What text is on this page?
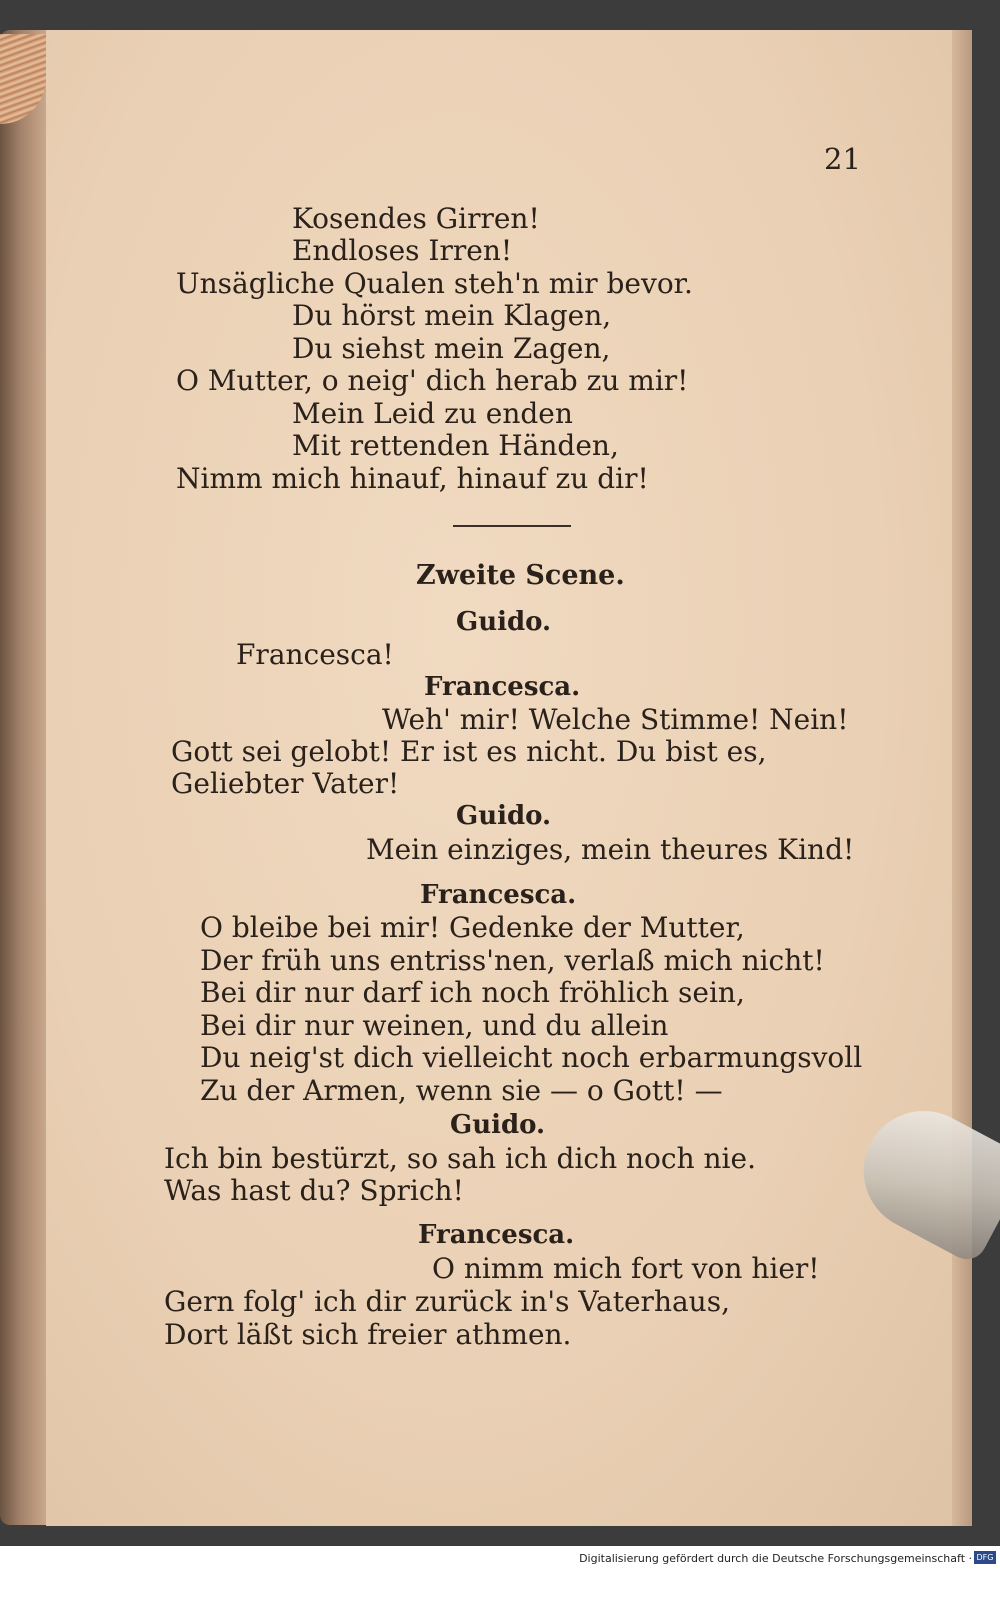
21
Kosendes Girren!
Endloses Irren!
Unsägliche Qualen steh'n mir bevor.
Du hörst mein Klagen,
Du siehst mein Zagen,
O Mutter, o neig' dich herab zu mir!
Mein Leid zu enden
Mit rettenden Händen,
Nimm mich hinauf, hinauf zu dir!
Zweite Scene.
Guido.
Francesca!
Francesca.
Weh' mir! Welche Stimme! Nein!
Gott sei gelobt! Er ist es nicht. Du bist es,
Geliebter Vater!
Guido.
Mein einziges, mein theures Kind!
Francesca.
O bleibe bei mir! Gedenke der Mutter,
Der früh uns entriss'nen, verlaß mich nicht!
Bei dir nur darf ich noch fröhlich sein,
Bei dir nur weinen, und du allein
Du neig'st dich vielleicht noch erbarmungsvoll
Zu der Armen, wenn sie — o Gott! —
Guido.
Ich bin bestürzt, so sah ich dich noch nie.
Was hast du? Sprich!
Francesca.
O nimm mich fort von hier!
Gern folg' ich dir zurück in's Vaterhaus,
Dort läßt sich freier athmen.
Digitalisierung gefördert durch die Deutsche Forschungsgemeinschaft · DFG
